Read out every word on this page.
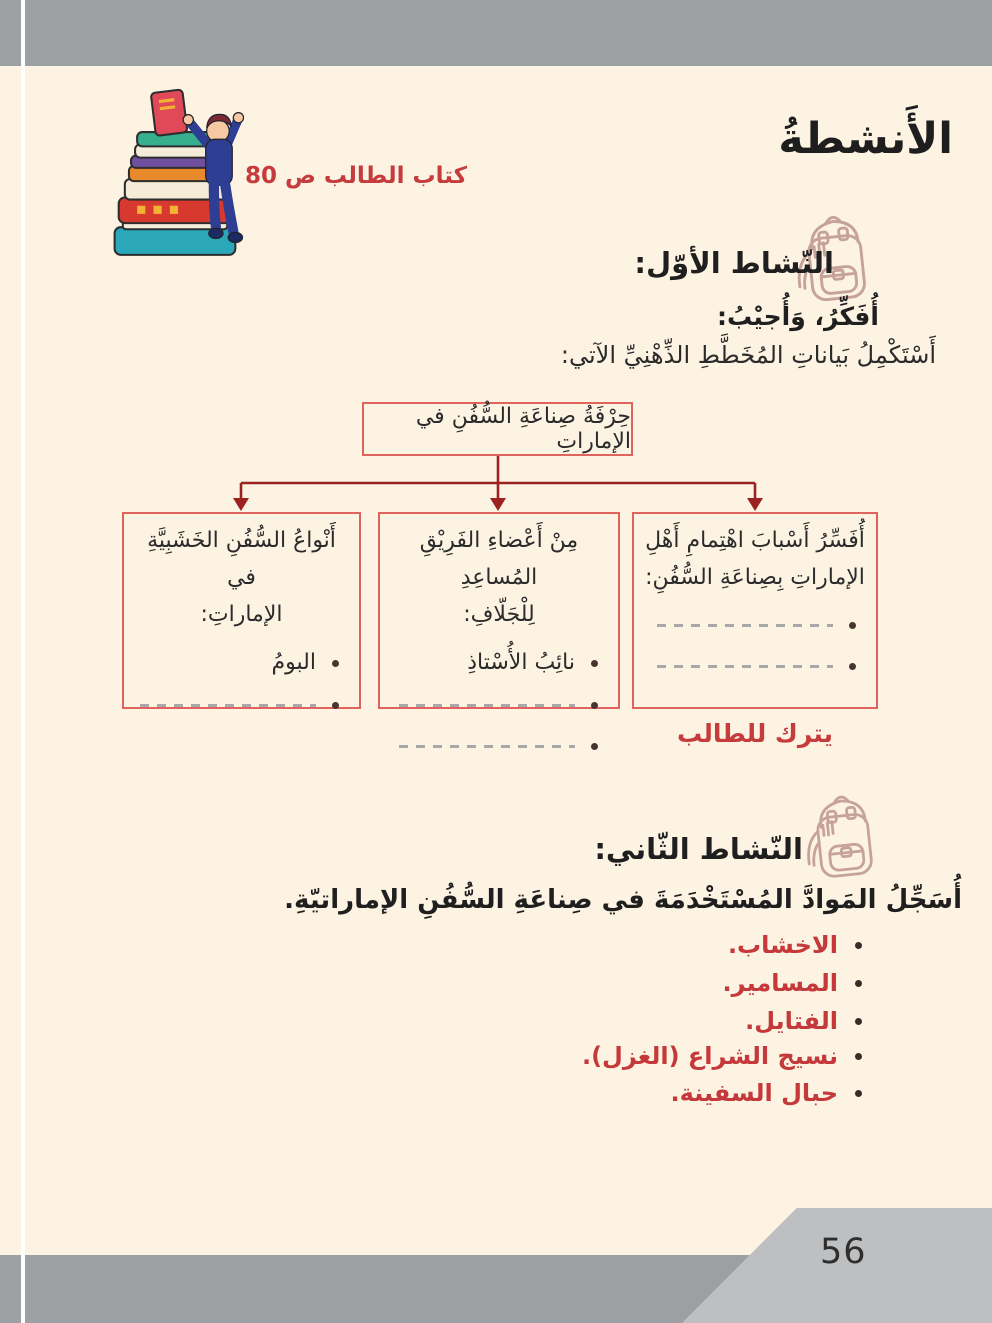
56
الأَنشطةُ
كتاب الطالب ص 80
النّشاط الأوّل:
أُفَكِّرُ، وَأُجيْبُ:
أَسْتَكْمِلُ بَياناتِ المُخَطَّطِ الذِّهْنِيِّ الآتي:
حِرْفَةُ صِناعَةِ السُّفُنِ في الإماراتِ
أُفَسِّرُ أَسْبابَ اهْتِمامِ أَهْلِ
الإماراتِ بِصِناعَةِ السُّفُنِ:
مِنْ أَعْضاءِ الفَرِيْقِ المُساعِدِ
لِلْجَلّافِ:
نائِبُ الأُسْتاذِ
أَنْواعُ السُّفُنِ الخَشَبِيَّةِ في
الإماراتِ:
البومُ
يترك للطالب
النّشاط الثّاني:
أُسَجِّلُ المَوادَّ المُسْتَخْدَمَةَ في صِناعَةِ السُّفُنِ الإماراتيّةِ.
الاخشاب.
المسامير.
الفتايل.
نسيج الشراع (الغزل).
حبال السفينة.
